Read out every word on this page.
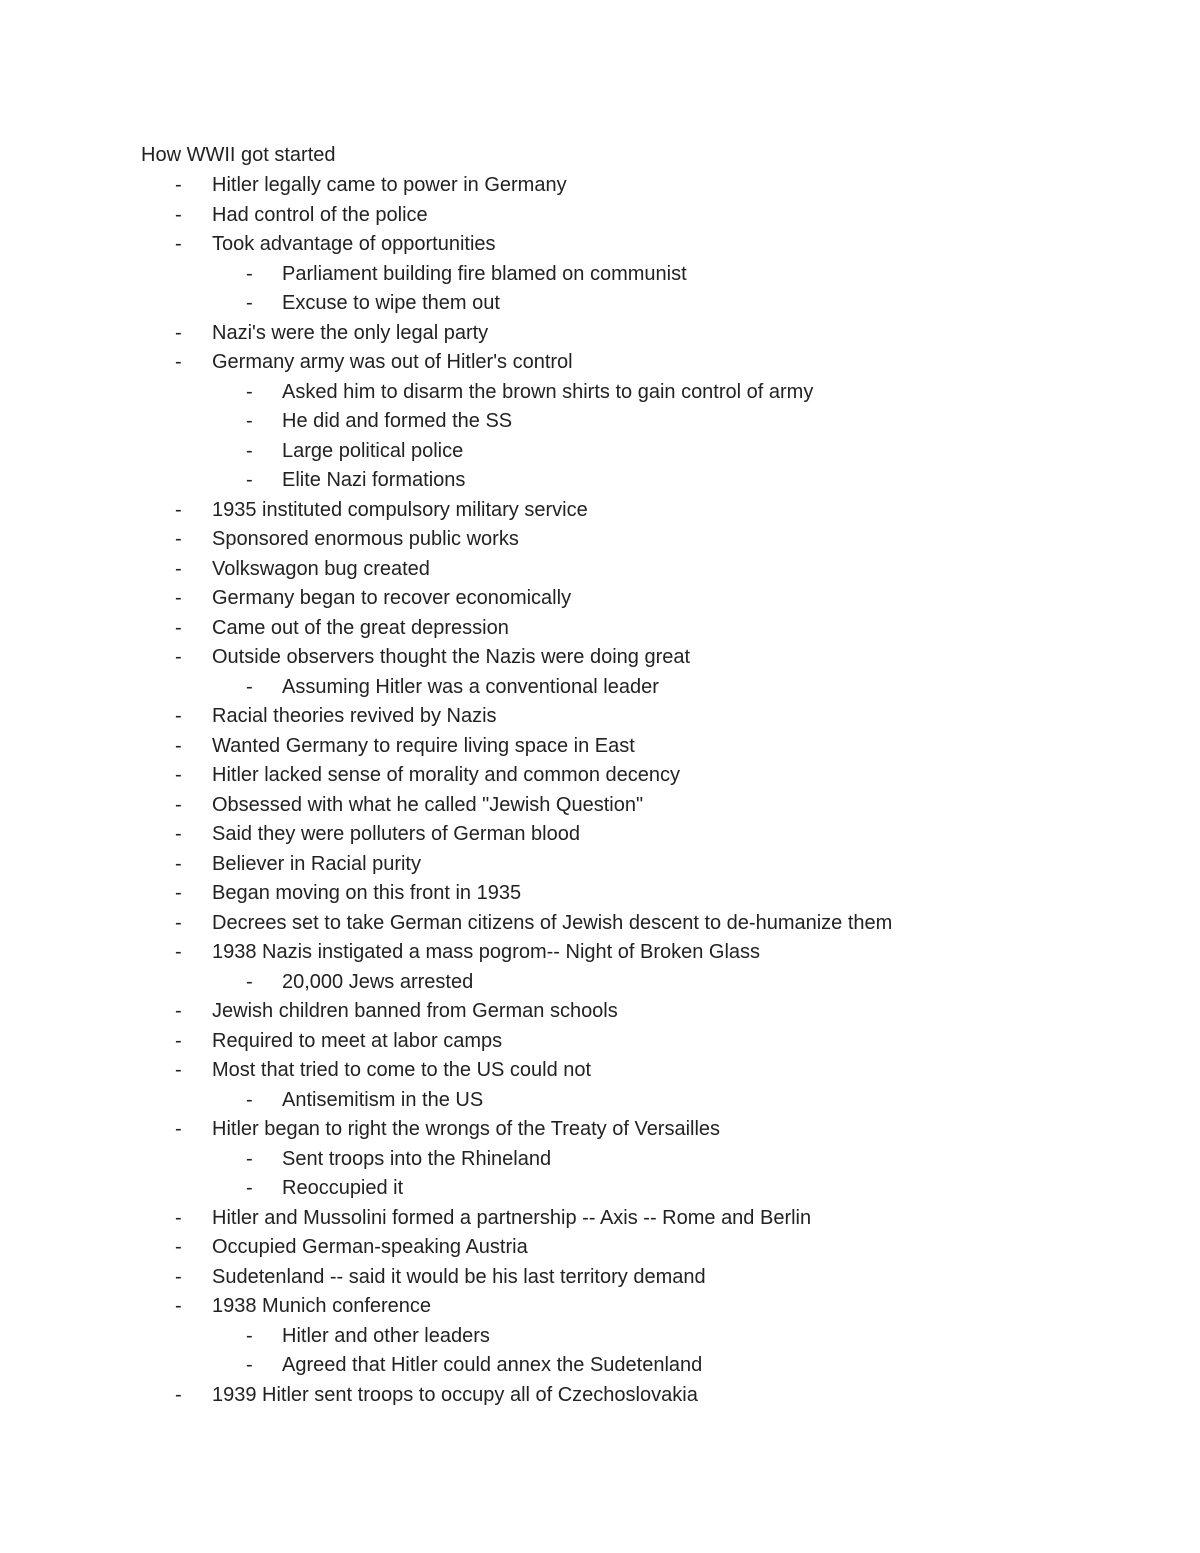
How WWII got started
- Hitler legally came to power in Germany
- Had control of the police
- Took advantage of opportunities
- Parliament building fire blamed on communist
- Excuse to wipe them out
- Nazi's were the only legal party
- Germany army was out of Hitler's control
- Asked him to disarm the brown shirts to gain control of army
- He did and formed the SS
- Large political police
- Elite Nazi formations
- 1935 instituted compulsory military service
- Sponsored enormous public works
- Volkswagon bug created
- Germany began to recover economically
- Came out of the great depression
- Outside observers thought the Nazis were doing great
- Assuming Hitler was a conventional leader
- Racial theories revived by Nazis
- Wanted Germany to require living space in East
- Hitler lacked sense of morality and common decency
- Obsessed with what he called "Jewish Question"
- Said they were polluters of German blood
- Believer in Racial purity
- Began moving on this front in 1935
- Decrees set to take German citizens of Jewish descent to de-humanize them
- 1938 Nazis instigated a mass pogrom-- Night of Broken Glass
- 20,000 Jews arrested
- Jewish children banned from German schools
- Required to meet at labor camps
- Most that tried to come to the US could not
- Antisemitism in the US
- Hitler began to right the wrongs of the Treaty of Versailles
- Sent troops into the Rhineland
- Reoccupied it
- Hitler and Mussolini formed a partnership -- Axis -- Rome and Berlin
- Occupied German-speaking Austria
- Sudetenland -- said it would be his last territory demand
- 1938 Munich conference
- Hitler and other leaders
- Agreed that Hitler could annex the Sudetenland
- 1939 Hitler sent troops to occupy all of Czechoslovakia
